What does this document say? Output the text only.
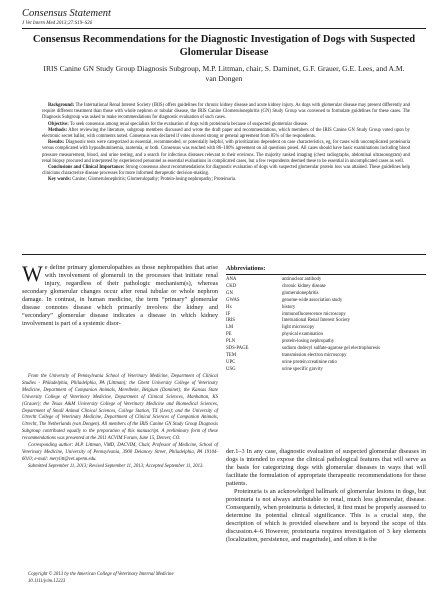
Consensus Statement
J Vet Intern Med 2013;27:S19–S26
Consensus Recommendations for the Diagnostic Investigation of Dogs with Suspected Glomerular Disease
IRIS Canine GN Study Group Diagnosis Subgroup, M.P. Littman, chair, S. Daminet, G.F. Grauer, G.E. Lees, and A.M. van Dongen

Background: The International Renal Interest Society (IRIS) offers guidelines for chronic kidney disease and acute kidney injury. As dogs with glomerular disease may present differently and require different treatment than those with whole nephron or tubular disease, the IRIS Canine Glomerulonephritis (GN) Study Group was convened to formulate guidelines for these cases. The Diagnosis Subgroup was asked to make recommendations for diagnostic evaluation of such cases.

Objective: To seek consensus among renal specialists for the evaluation of dogs with proteinuria because of suspected glomerular disease.

Methods: After reviewing the literature, subgroup members discussed and wrote the draft paper and recommendations, which members of the IRIS Canine GN Study Group voted upon by electronic secret ballot, with comments noted. Consensus was declared if votes showed strong or general agreement from 85% of the respondents.

Results: Diagnostic tests were categorized as essential, recommended, or potentially helpful, with prioritization dependent on case characteristics, eg, for cases with uncomplicated proteinuria versus complicated with hypoalbuminemia, azotemia, or both. Consensus was reached with 86–100% agreement on all questions posed. All cases should have basic examinations including blood pressure measurement, blood, and urine testing, and a search for infectious diseases relevant to their environs. The majority ranked imaging (chest radiographs, abdominal ultrasonogram) and renal biopsy procured and interpreted by experienced personnel as essential evaluations in complicated cases, but a few respondents deemed these to be essential in uncomplicated cases as well.

Conclusions and Clinical Importance: Strong consensus about recommendations for diagnostic evaluation of dogs with suspected glomerular protein loss was attained. These guidelines help clinicians characterize disease processes for more informed therapeutic decision-making.

Key words: Canine; Glomerulonephritis; Glomerulopathy; Protein-losing nephropathy; Proteinuria.

We define primary glomerulopathies as those nephropathies that arise with involvement of glomeruli in the processes that initiate renal injury, regardless of their pathologic mechanism(s), whereas secondary glomerular changes occur after renal tubular or whole nephron damage. In contrast, in human medicine, the term “primary” glomerular disease connotes disease which primarily involves the kidney and “secondary” glomerular disease indicates a disease in which kidney involvement is part of a systemic disor-

From the University of Pennsylvania School of Veterinary Medicine, Department of Clinical Studies - Philadelphia, Philadelphia, PA (Littman); the Ghent University College of Veterinary Medicine, Department of Companion Animals, Merelbeke, Belgium (Daminet); the Kansas State University College of Veterinary Medicine, Department of Clinical Sciences, Manhattan, KS (Grauer); the Texas A&M University College of Veterinary Medicine and Biomedical Sciences, Department of Small Animal Clinical Sciences, College Station, TX (Lees); and the University of Utrecht College of Veterinary Medicine, Department of Clinical Sciences of Companion Animals, Utrecht, The Netherlands (van Dongen). All members of the IRIS Canine GN Study Group Diagnosis Subgroup contributed equally to the preparation of this manuscript. A preliminary form of these recommendations was presented at the 2011 ACVIM Forum, June 15, Denver, CO.

Corresponding author: M.P. Littman, VMD, DACVIM, Chair, Professor of Medicine, School of Veterinary Medicine, University of Pennsylvania, 3900 Delancey Street, Philadelphia, PA 19104-6010; e-mail: merylitt@vet.upenn.edu.

Submitted September 11, 2013; Revised September 11, 2013; Accepted September 11, 2013.

Copyright © 2013 by the American College of Veterinary Internal Medicine
10.1111/jvim.12223
Abbreviations:
ANA	antinuclear antibody
CKD	chronic kidney disease
GN	glomerulonephritis
GWAS	genome-wide association study
Hx	history
IF	immunofluorescence microscopy
IRIS	International Renal Interest Society
LM	light microscopy
PE	physical examination
PLN	protein-losing nephropathy
SDS-PAGE	sodium dodecyl sulfate-agarose gel electrophoresis
TEM	transmission electron microscopy
UPC	urine protein:creatinine ratio
USG	urine specific gravity

der.1–3 In any case, diagnostic evaluation of suspected glomerular diseases in dogs is intended to expose the clinical pathological features that will serve as the basis for categorizing dogs with glomerular diseases in ways that will facilitate the formulation of appropriate therapeutic recommendations for these patients.

Proteinuria is an acknowledged hallmark of glomerular lesions in dogs, but proteinuria is not always attributable to renal, much less glomerular, disease. Consequently, when proteinuria is detected, it first must be properly assessed to determine its potential clinical significance. This is a crucial step, the description of which is provided elsewhere and is beyond the scope of this discussion.4–6 However, proteinuria requires investigation of 3 key elements (localization, persistence, and magnitude), and often it is the
